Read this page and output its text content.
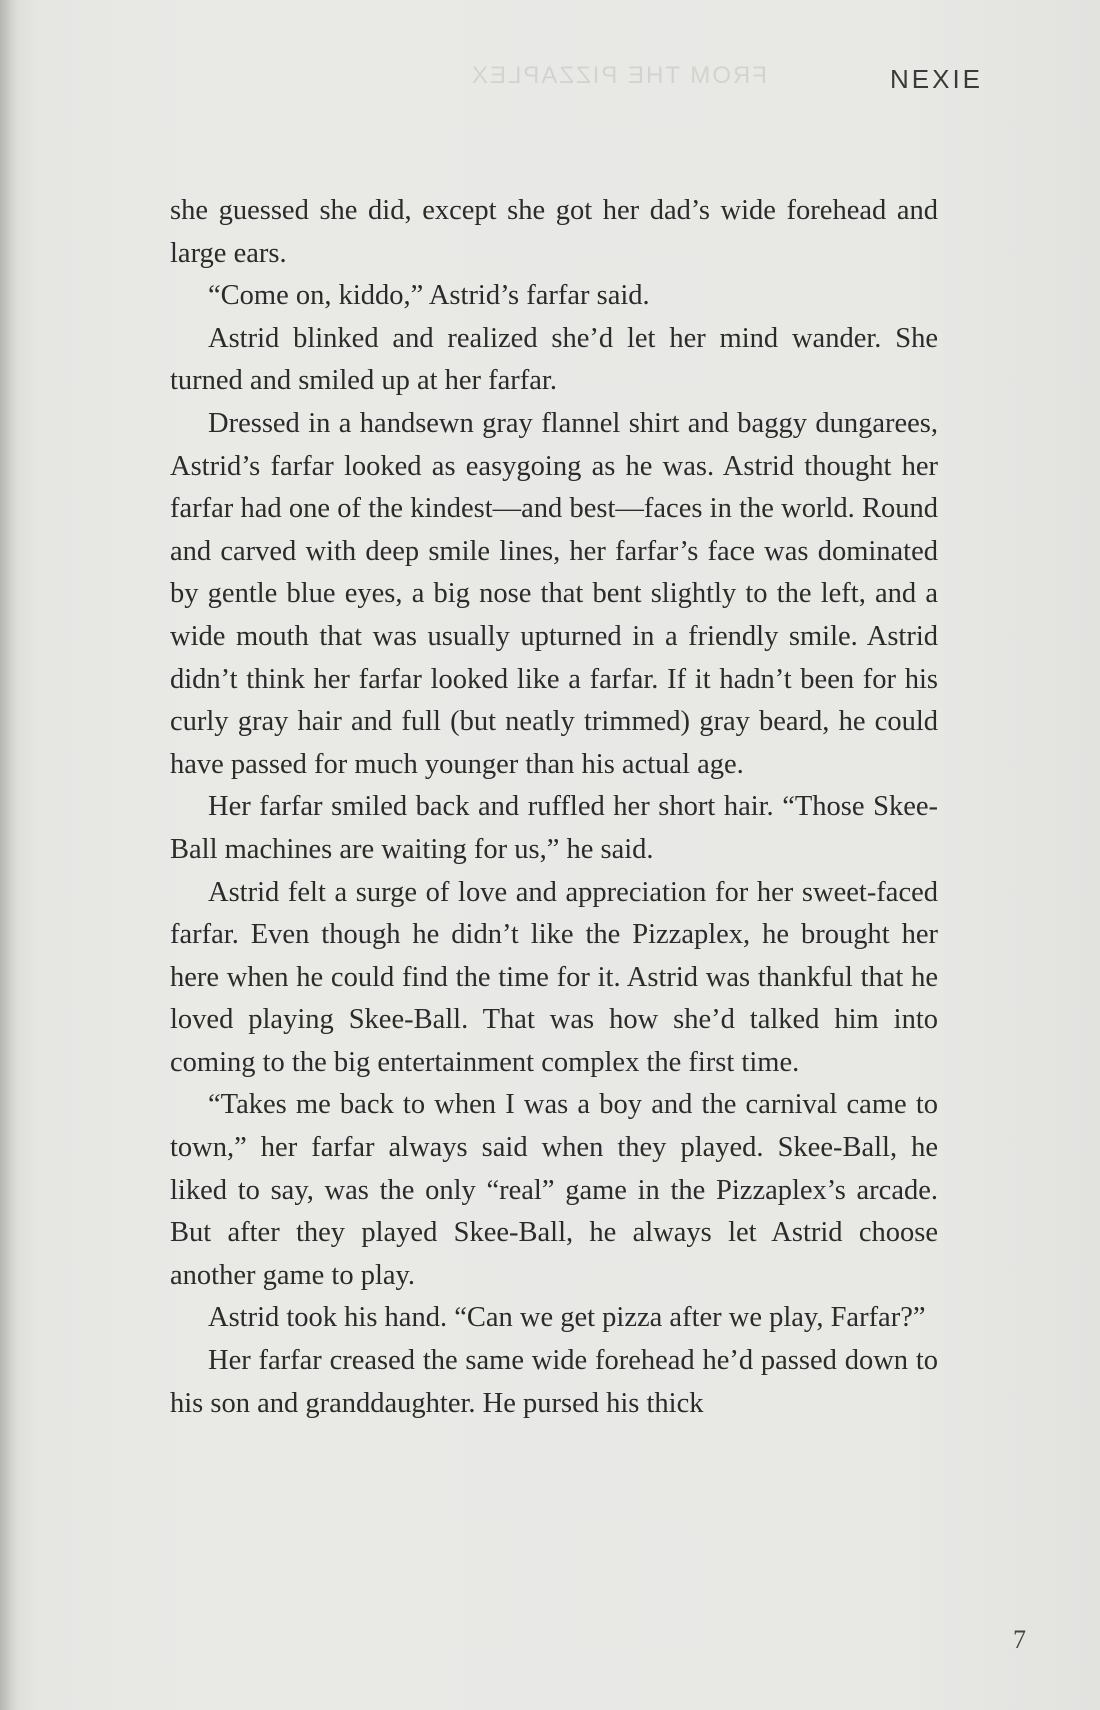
FROM THE PIZZAPLEX	NEXIE

she guessed she did, except she got her dad’s wide forehead and large ears.

“Come on, kiddo,” Astrid’s farfar said.

Astrid blinked and realized she’d let her mind wander. She turned and smiled up at her farfar.

Dressed in a handsewn gray flannel shirt and baggy dungarees, Astrid’s farfar looked as easygoing as he was. Astrid thought her farfar had one of the kindest—and best—faces in the world. Round and carved with deep smile lines, her farfar’s face was dominated by gentle blue eyes, a big nose that bent slightly to the left, and a wide mouth that was usually upturned in a friendly smile. Astrid didn’t think her farfar looked like a farfar. If it hadn’t been for his curly gray hair and full (but neatly trimmed) gray beard, he could have passed for much younger than his actual age.

Her farfar smiled back and ruffled her short hair. “Those Skee-Ball machines are waiting for us,” he said.

Astrid felt a surge of love and appreciation for her sweet-faced farfar. Even though he didn’t like the Pizzaplex, he brought her here when he could find the time for it. Astrid was thankful that he loved playing Skee-Ball. That was how she’d talked him into coming to the big entertainment complex the first time.

“Takes me back to when I was a boy and the carnival came to town,” her farfar always said when they played. Skee-Ball, he liked to say, was the only “real” game in the Pizzaplex’s arcade. But after they played Skee-Ball, he always let Astrid choose another game to play.

Astrid took his hand. “Can we get pizza after we play, Farfar?”

Her farfar creased the same wide forehead he’d passed down to his son and granddaughter. He pursed his thick

7
